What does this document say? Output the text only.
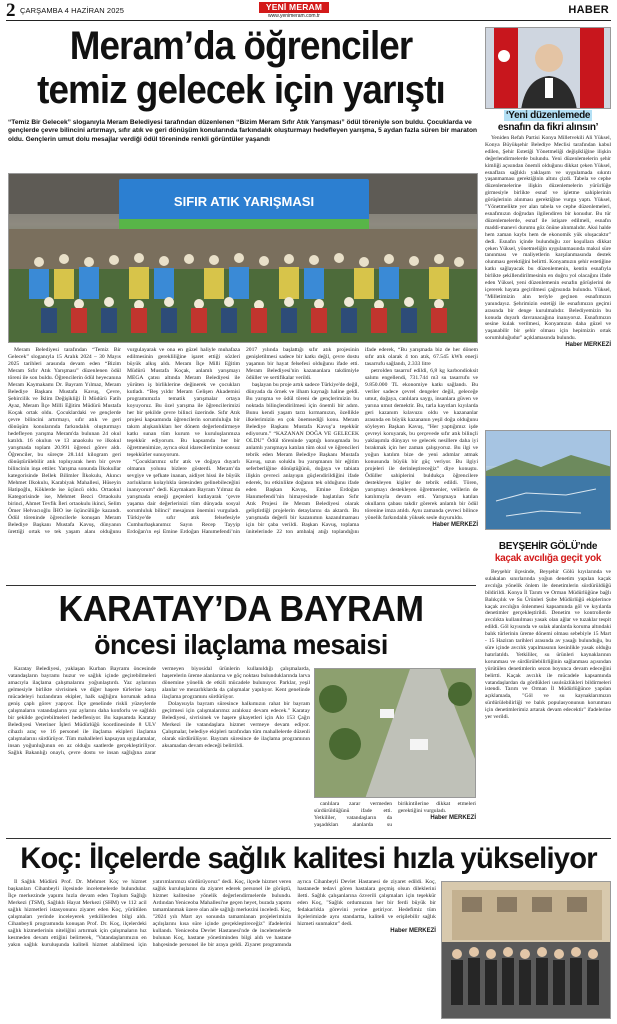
2 ÇARŞAMBA 4 HAZİRAN 2025	YENİ MERAM
www.yenimeram.com.tr	HABER
Meram’da öğrenciler
temiz gelecek için yarıştı
“Temiz Bir Gelecek” sloganıyla Meram Belediyesi tarafından düzenlenen “Bizim Meram Sıfır Atık Yarışması” ödül töreniyle son buldu. Çocuklarda ve gençlerde çevre bilincini artırmayı, sıfır atık ve geri dönüşüm konularında farkındalık oluşturmayı hedefleyen yarışma, 5 aydan fazla süren bir maraton oldu. Gençlerin umut dolu mesajlar verdiği ödül töreninde renkli görüntüler yaşandı
SIFIR ATIK YARIŞMASI

Meram Belediyesi tarafından “Temiz Bir Gelecek” sloganıyla 15 Aralık 2024 – 30 Mayıs 2025 tarihleri arasında devam eden “Bizim Meram Sıfır Atık Yarışması” düzenlenen ödül töreni ile son buldu. Öğrencilerin ödül heyecanına Meram Kaymakamı Dr. Bayram Yılmaz, Meram Belediye Başkanı Mustafa Kavuş, Çevre, Şehircilik ve İklim Değişikliği İl Müdürü Fatih Ayaz, Meram İlçe Milli Eğitim Müdürü Mustafa Koçak ortak oldu. Çocuklardaki ve gençlerde çevre bilincini artırmayı, sıfır atık ve geri dönüşüm konularında farkındalık oluşturmayı hedefleyen yarışma Meram'da bulunan 24 okul katıldı. 16 okulun ve 13 anaokulu ve ilkokul yarışmada toplam 20.991 öğrenci görev aldı. Öğrenciler, bu süreçte 28.144 kilogram geri dönüştürülebilir atık topluyarak hem bir çevre bilincinin inşa ettiler. Yarışma sonunda İlkokullar kategorisinde Bellek Bilimler İlkokulu, Akıncı Mehmet Ilkokulu, Karabiyak Mahallesi, Hüseyin Hatipoğlu, Köklerde ise üçüncü oldu. Ortaokul Kategorisinde ise, Mehmet Bezci Ortaokulu birinci, Ahmet Tevfik İleri ortaokulu ikinci, Selim Ömer Helvacıoğlu İHO ise üçüncülüğe kazandı. Ödül töreninde öğrencilerle konuşan Meram Belediye Başkanı Mustafa Kavuş, dünyanın ürettiği ortak ve tek yaşam alanı olduğunu vurgulayarak ve ona en güzel haliyle muhafaza edilmesinin gerekliliğine işaret ettiği sözleri büyük alkış aldı. Meram İlçe Milli Eğitim Müdürü Mustafa Koçak, anlamlı yarışmayı MEGA çatısı altında Meram Belediyesi ile yürüten iş birliklerine değinerek ve çocukları kutladı. “Beş yıldır Meram Gelişen Akademisi programımızla tematik yarışmalar ortaya koyuyoruz. Bu özel yarışma ile öğrencilerimizi her bir şekilde çevre bilinci üzerinde. Sıfır Atık projesi kapsamında öğrencilerin sorumluluğu bir takım alışkanlıkları her dönem değerlendirmeye katkı sunan tüm kurum ve kuruluşlarımıza teşekkür ediyorum. Bu kapsamda her bir öğretmenimize, ayrıca okul idarecilerimize sonsuz teşekkürler sunuyorum.

“Çocuklarımız sıfır atık ve doğaya duyarlı olmanın yolunu bizlere gösterdi. Meram’da sevgiye ve şefkate inanan, aidiyet hissi ile büyük zorlukların kolaylıkla üstesinden gelinebileceğini inanıyorum” dedi. Kaymakam Bayram Yılmaz da yarışmada emeği geçenleri kutlayarak ‘çevre yaşama dair değerlerinizi tüm dünyada sosyal sorumluluk bilinci’ mesajının önemini vurguladı. Türkiye'de sıfır atık felsefesiyle Cumhurbaşkanımız Sayın Recep Tayyip Erdoğan'ın eşi Emine Erdoğan Hanımefendi’nin 2017 yılında başlattığı sıfır atık projesinin genişletilmesi sadece bir katkı değil, çevre dostu yaşamın bir hayat felsefesi olduğunu ifade etti. Meram Belediyesi'nin kazananlara takdimiyle ödüller ve sertifikalar verildi.

başlayan bu proje artık sadece Türkiye'de değil, dünyada da örnek ve ilham kaynağı haline geldi. Bu yarışma ve ödül töreni de gençlerimizin bu noktada bilinçlendirilmesi için önemli bir adım. Bunu kendi yaşam tarzı kırmamızın, özellikle ilkelerimizin en çok önemsediği konu. Meram Belediye Başkanı Mustafa Kavuş’a teşekkür ediyorum.” “KAZANAN DOĞA VE GELECEK OLDU” Ödül töreninde yaptığı konuşmada bu anlamlı yarışmaya katılan tüm okul ve öğrencileri tebrik eden Meram Belediye Başkanı Mustafa Kavuş, uzun soluklu bu yarışmanın bir eğitim seferberliğine dönüştüğünü, doğaya ve tabiata ilişkin çevreci anlayışın güçlendirildiğini ifade ederek, bu etkinlikte doğanın tek olduğunu ifade eden Başkan Kavuş, Emine Erdoğan Hanımefendi’nin himayesinde başlatılan Sıfır Atık Projesi ile Meram Belediyesi olarak geliştirdiği projelerin detaylarını da aktardı. Bu yarışmada değerli bir kazanımın kazanılmaması için bir çaba verildi. Başkan Kavuş, toplama ünitelerinde 22 ton ambalaj atığı toplandığını ifade ederek, “Bu yarışmada biz de her dönem sıfır atık olarak 4 ton atık, 67.545 kWh enerji tasarrufu sağlandı, 2.333 litre

petrolden tasarruf edildi, 6,8 kg karbondioksit salımı engellendi, 731.744 m3 su tasarrufu ve 9.850.000 TL ekonomiye katkı sağlandı. Bu veriler sadece çevrel dengeler değil, geleceğe umut, doğaya, canlılara saygı, insanlara güven ve yarına umut demektir. Bu, tarla kayıtları kıyılarda geri kazanım kılavuzu oldu ve kazananlar arasında en büyük kazananın yeşil doğa olduğunu söyleyen Başkan Kavuş, ”Her yaptığımız işde çevreyi koruyarak, bu çerçevede sıfır atık bilinçli yaklaşımla dünyayı ve gelecek nesillere daha iyi bırakmak için her zaman çalışıyoruz. Bu ilgi ve yoğun katılım bize de yeni adımlar atmak konusunda büyük bir güç veriyor. Bu ilgiyi projeleri ile derinleştireceğiz” diye konuştu. Ödüller sahiplerini buldukça öğrencilere destekleyen kişiler de tebrik edildi. Tören, yarışmayı destekleyen öğretmenler, velilerin de katılımıyla devam etti. Yarışmaya katılan okulların çabası takdir görerek anlamlı bir ödül törenine imza atıldı. Aynı zamanda çevreci bilince yönelik farkındalık yüksek sesle duyuruldu.

Haber MERKEZİ
‘Yeni düzenlemede
esnafın da fikri alınsın’

Yeniden Refah Partisi Konya Milletvekili Ali Yüksel, Konya Büyükşehir Belediye Meclisi tarafından kabul edilen, Şehir Estetiği Yönetmeliği değişikliğine ilişkin değerlendirmelerde bulundu. Yeni düzenlemelerin şehir kimliği açısından önemli olduğunu dikkat çeken Yüksel, esnaflara sağlıklı yaklaşım ve uygulamada sıkıntı yaşanmaması gerektiğinin altını çizdi. Tabela ve cephe düzenlemelerine ilişkin düzenlemelerin yürürlüğe girmesiyle birlikte esnaf ve işletme sahiplerinin görüşlerinin alınması gerektiğine vurgu yaptı. Yüksel, "Yönetmelikte yer alan tabela ve cephe düzenlemeleri, esnafımızın doğrudan ilgilendiren bir konudur. Bu tür düzenlemelerde, esnaf ile istişare edilmeli, esnafın maddi-manevi durumu göz önüne alınmalıdır. Aksi halde hem zaman kaybı hem de ekonomik yük oluşacaktır" dedi. Esnafın içinde bulunduğu zor koşullara dikkat çeken Yüksel, yönetmeliğin uygulanmasında makul süre tanınması ve maliyetlerin karşılanmasında destek olunması gerektiğini belirtti. Konyamızın şehir estetiğine katkı sağlayacak bu düzenlemenin, kentin esnafıyla birlikte şekillendirilmesinin en doğru yol olacağını ifade eden Yüksel, yeni düzenlemenin esnafın görüşlerini de içererek hayata geçirilmesi çağrısında bulundu. Yüksel, "Milletimizin alın teriyle geçinen esnafımızın yanındayız. Şehrimizin estetiği ile esnafımızın geçimi arasında bir denge kurulmalıdır. Belediyemizin bu konuda duyarlı davranacağına inanıyoruz. Esnafımızın sesine kulak verilmesi, Konyamızın daha güzel ve yaşanabilir bir şehir olması için hepimizin ortak sorumluluğudur" açıklamasında bulundu.

Haber MERKEZİ
BEYŞEHİR GÖLÜ’nde
kaçak avcılığa geçit yok

Beyşehir ilçesinde, Beyşehir Gölü kıyılarında ve sulakalan sınırlarında yoğun denetim yapılan kaçak avcılığa yönelik önlem ile denetimlerin sürdürüldüğü bildirildi. Konya İl Tarım ve Orman Müdürlüğüne bağlı Balıkçılık ve Su Ürünleri Şube Müdürlüğü ekiplerince kaçak avcılığın önlenmesi kapsamında göl ve kıyılarda denetimler gerçekleştirildi. Denetim ve kontrollerde avcılıkta kullanılması yasak olan ağlar ve tuzaklar tespit edildi. Göl kıyısında ve sulak alanlarda koruma altındaki balık türlerinin üreme dönemi olması sebebiyle 15 Mart - 15 Haziran tarihleri arasında av yasağı bulunduğu, bu süre içinde avcılık yapılmasının kesinlikle yasak olduğu hatırlatıldı. Yetkililer, su ürünleri kaynaklarının korunması ve sürdürülebilirliğinin sağlanması açısından yürütülen denetimlerin sezon boyunca devam edeceğini belirtti. Kaçak avcılık ile mücadele kapsamında vatandaşlardan da gördükleri usulsüzlükleri bildirmeleri istendi. Tarım ve Orman İl Müdürlüğünce yapılan açıklamada, "Göl ve su kaynaklarımızın sürdürülebilirliği ve balık populasyonunun korunması için denetimlerimiz artarak devam edecektir" ifadelerine yer verildi.

KARATAY’DA BAYRAM
öncesi ilaçlama mesaisi

Karatay Belediyesi, yaklaşan Kurban Bayramı öncesinde vatandaşların bayramı huzur ve sağlık içinde geçirebilmeleri amacıyla ilaçlama çalışmalarını yoğunlaştırdı. Yaz aylarının gelmesiyle birlikte sivrisinek ve diğer haşere türlerine karşı mücadeleyi hızlandıran ekipler, halk sağlığını korumak adına geniş çaplı görev yapıyor. İlçe genelinde riskli yüzeylerde çalışmaların vatandaşların yaz aylarını daha konforlu ve sağlıklı bir şekilde geçirebilmeleri hedefleniyor. Bu kapsamda Karatay Belediyesi Veteriner İşleri Müdürlüğü koordinesinde 8 ULV cihazlı araç ve 16 personel ile ilaçlama ekipleri ilaçlama çalışmalarını sürdürüyor. Tüm mahalleleri kapsayan uygulamalar, insan yoğunluğunun en az olduğu saatlerde gerçekleştiriliyor. Sağlık Bakanlığı onaylı, çevre dostu ve insan sağlığına zarar vermeyen biyosidal ürünlerin kullanıldığı çalışmalarda, haşerelerin üreme alanlarına ve göç noktası bulunduklarında larva dönemine yönelik de etkili mücadele bulunuyor. Parklar, yeşil alanlar ve mezarlıklarda da çalışmalar yapılıyor. Kent genelinde ilaçlama programını sürdürüyor.

Dolayısıyla bayram süresince halkımızın rahat bir bayram geçirmesi için çalışmalarımız aralıksız devam edecek." Karatay Belediyesi, sivrisinek ve haşere şikayetleri için Alo 153 Çağrı Merkezi ile vatandaşlara hizmet vermeye devam ediyor. Çalışmalar, belediye ekipleri tarafından tüm mahallelerde düzenli olarak sürdürülüyor. Bayram süresince de ilaçlama programının aksamadan devam edeceği belirtildi.

canlılara zarar vermeden sürdürüldüğünü ifade etti. Yetkililer, vatandaşların da yaşadıkları alanlarda su birikintilerine dikkat etmeleri gerektiğini vurguladı.

Haber MERKEZİ
Koç: İlçelerde sağlık kalitesi hızla yükseliyor

İl Sağlık Müdürü Prof. Dr. Mehmet Koç ve hizmet başkanları Cihanbeyli ilçesinde incelemelerde bulundular. İlçe merkezinde yapımı hızla devam eden Toplum Sağlığı Merkezi (TSM), Sağlıklı Hayat Merkezi (SHM) ve 112 acil sağlık hizmetleri istasyonunu ziyaret eden Koç, yürütülen çalışmaları yerinde inceleyerek yetkililerden bilgi aldı. Cihanbeyli programında konuşan Prof. Dr. Koç, ilçelerdeki sağlık hizmetlerinin niteliğini artırmak için çalışmaların hız kesmeden devam ettiğini belirterek, "Vatandaşlarımızın en yakın sağlık kuruluşunda kaliteli hizmet alabilmesi için yatırımlarımızı sürdürüyoruz" dedi. Koç, ilçede hizmet veren sağlık kuruluşlarını da ziyaret ederek personel ile görüştü, hizmet kalitesine yönelik değerlendirmelerde bulundu. Ardından Yeniceoba Mahallesi'ne geçen heyet, burada yapımı tamamlanmak üzere olan aile sağlığı merkezini inceledi. Koç, "2024 yılı Mart ayı sonunda tamamlanan projelerimizin açılışlarını kısa süre içinde gerçekleştireceğiz" ifadelerini kullandı. Yeniceoba Devlet Hastanesi'nde de incelemelerde bulunan Koç, hastane yönetiminden bilgi aldı ve hastane bahçesinde personel ile bir araya geldi. Ziyaret programında ayrıca Cihanbeyli Devlet Hastanesi de ziyaret edildi. Koç, hastanede tedavi gören hastalara geçmiş olsun dileklerini iletti. Sağlık çalışanlarına özverili çalışmaları için teşekkür eden Koç, "Sağlık ordumuzun her bir ferdi büyük bir fedakarlıkla görevini yerine getiriyor. Hedefimiz tüm ilçelerimizde aynı standartta, kaliteli ve erişilebilir sağlık hizmeti sunmaktır" dedi.

Haber MERKEZİ
